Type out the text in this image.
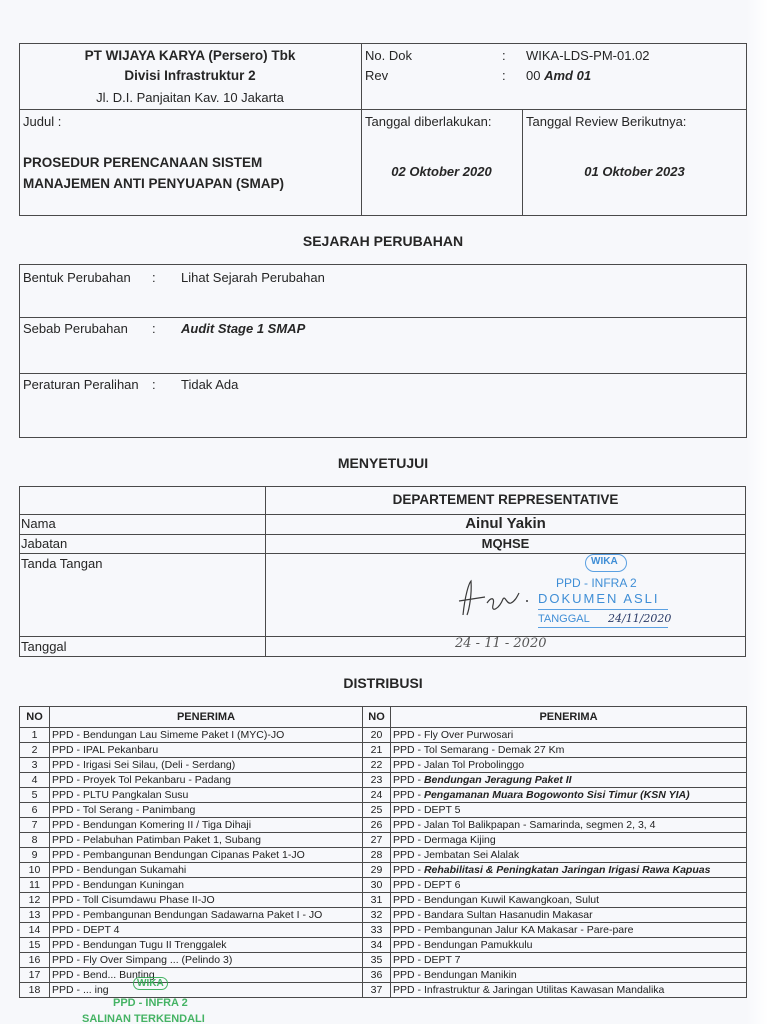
PT WIJAYA KARYA (Persero) Tbk
Divisi Infrastruktur 2
Jl. D.I. Panjaitan Kav. 10 Jakarta
No. Dok	: WIKA-LDS-PM-01.02
Rev	: 00 Amd 01
Judul :
PROSEDUR PERENCANAAN SISTEM
MANAJEMEN ANTI PENYUAPAN (SMAP)
Tanggal diberlakukan:
02 Oktober 2020
Tanggal Review Berikutnya:
01 Oktober 2023
SEJARAH PERUBAHAN
Bentuk Perubahan : Lihat Sejarah Perubahan
Sebab Perubahan : Audit Stage 1 SMAP
Peraturan Peralihan : Tidak Ada
MENYETUJUI
DEPARTEMENT REPRESENTATIVE
Nama	Ainul Yakin
Jabatan	MQHSE
Tanda Tangan
Tanggal	24 - 11 - 2020
WIKA
PPD - INFRA 2
DOKUMEN ASLI
TANGGAL 24/11/2020
DISTRIBUSI
NO	PENERIMA	NO	PENERIMA
1	PPD - Bendungan Lau Simeme Paket I (MYC)-JO	20	PPD - Fly Over Purwosari
2	PPD - IPAL Pekanbaru	21	PPD - Tol Semarang - Demak 27 Km
3	PPD - Irigasi Sei Silau, (Deli - Serdang)	22	PPD - Jalan Tol Probolinggo
4	PPD - Proyek Tol Pekanbaru - Padang	23	PPD - Bendungan Jeragung Paket II
5	PPD - PLTU Pangkalan Susu	24	PPD - Pengamanan Muara Bogowonto Sisi Timur (KSN YIA)
6	PPD - Tol Serang - Panimbang	25	PPD - DEPT 5
7	PPD - Bendungan Komering II / Tiga Dihaji	26	PPD - Jalan Tol Balikpapan - Samarinda, segmen 2, 3, 4
8	PPD - Pelabuhan Patimban Paket 1, Subang	27	PPD - Dermaga Kijing
9	PPD - Pembangunan Bendungan Cipanas Paket 1-JO	28	PPD - Jembatan Sei Alalak
10	PPD - Bendungan Sukamahi	29	PPD - Rehabilitasi & Peningkatan Jaringan Irigasi Rawa Kapuas
11	PPD - Bendungan Kuningan	30	PPD - DEPT 6
12	PPD - Toll Cisumdawu Phase II-JO	31	PPD - Bendungan Kuwil Kawangkoan, Sulut
13	PPD - Pembangunan Bendungan Sadawarna Paket I - JO	32	PPD - Bandara Sultan Hasanudin Makasar
14	PPD - DEPT 4	33	PPD - Pembangunan Jalur KA Makasar - Pare-pare
15	PPD - Bendungan Tugu II Trenggalek	34	PPD - Bendungan Pamukkulu
16	PPD - Fly Over Simpang ... (Pelindo 3)	35	PPD - DEPT 7
17	PPD - Bend... Bunting	36	PPD - Bendungan Manikin
18	PPD - ... ing	37	PPD - Infrastruktur & Jaringan Utilitas Kawasan Mandalika
WIKA
PPD - INFRA 2
SALINAN TERKENDALI
